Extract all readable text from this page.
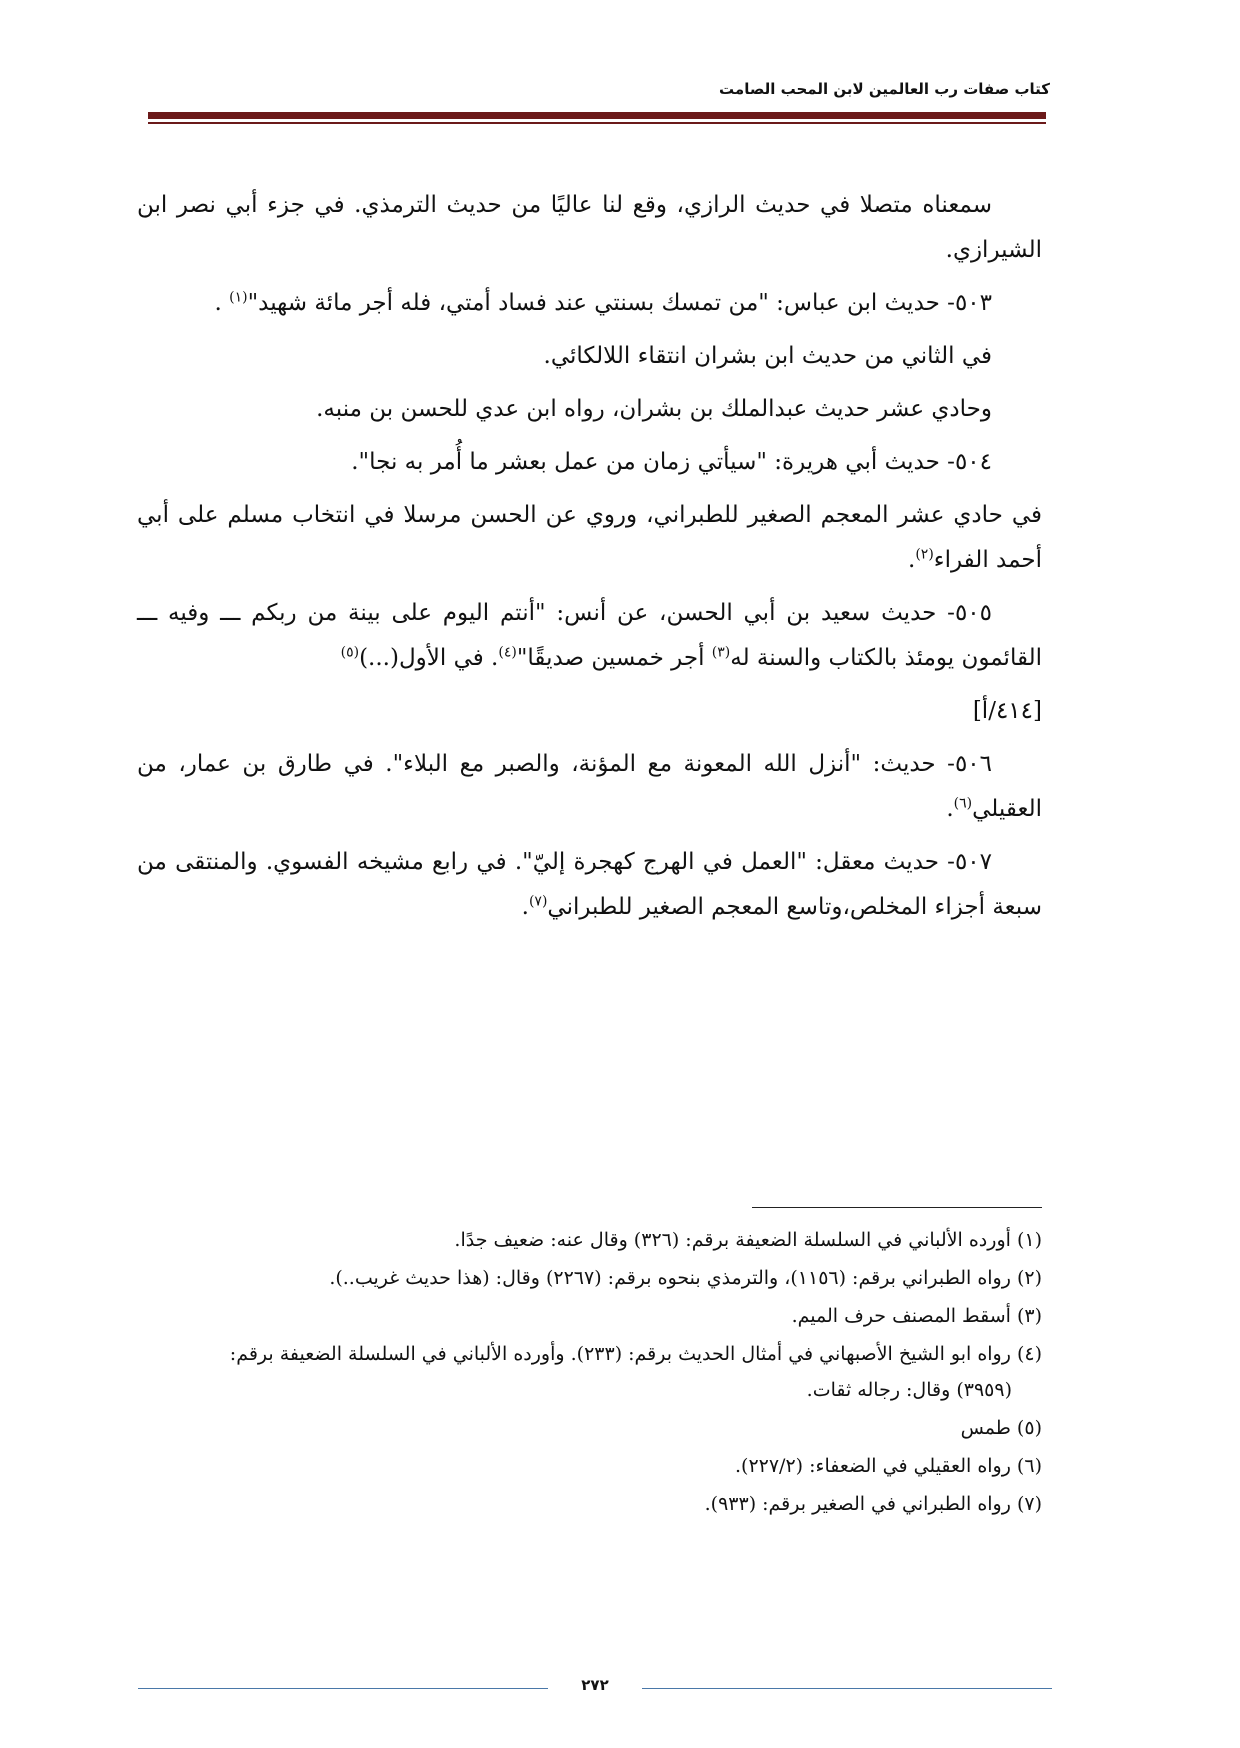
كتاب صفات رب العالمين لابن المحب الصامت

سمعناه متصلا في حديث الرازي، وقع لنا عاليًا من حديث الترمذي. في جزء أبي نصر ابن الشيرازي.

٥٠٣- حديث ابن عباس: "من تمسك بسنتي عند فساد أمتي، فله أجر مائة شهيد"$^{(١)}$ .

في الثاني من حديث ابن بشران انتقاء اللالكائي.

وحادي عشر حديث عبدالملك بن بشران، رواه ابن عدي للحسن بن منبه.

٥٠٤- حديث أبي هريرة: "سيأتي زمان من عمل بعشر ما أُمر به نجا".

في حادي عشر المعجم الصغير للطبراني، وروي عن الحسن مرسلا في انتخاب مسلم على أبي أحمد الفراء$^{(٢)}$.

٥٠٥- حديث سعيد بن أبي الحسن، عن أنس: "أنتم اليوم على بينة من ربكم ـــ وفيه ـــ القائمون يومئذ بالكتاب والسنة له$^{(٣)}$ أجر خمسين صديقًا"$^{(٤)}$. في الأول(...)$^{(٥)}$

[٤١٤/أ]

٥٠٦- حديث: "أنزل الله المعونة مع المؤنة، والصبر مع البلاء". في طارق بن عمار، من العقيلي$^{(٦)}$.

٥٠٧- حديث معقل: "العمل في الهرج كهجرة إليّ". في رابع مشيخه الفسوي. والمنتقى من سبعة أجزاء المخلص،وتاسع المعجم الصغير للطبراني$^{(٧)}$.

(١) أورده الألباني في السلسلة الضعيفة برقم: (٣٢٦) وقال عنه: ضعيف جدًا.
(٢) رواه الطبراني برقم: (١١٥٦)، والترمذي بنحوه برقم: (٢٢٦٧) وقال: (هذا حديث غريب..).
(٣) أسقط المصنف حرف الميم.
(٤) رواه ابو الشيخ الأصبهاني في أمثال الحديث برقم: (٢٣٣). وأورده الألباني في السلسلة الضعيفة برقم:
(٣٩٥٩) وقال: رجاله ثقات.
(٥) طمس
(٦) رواه العقيلي في الضعفاء: (٢٢٧/٢).
(٧) رواه الطبراني في الصغير برقم: (٩٣٣).
٢٧٢
